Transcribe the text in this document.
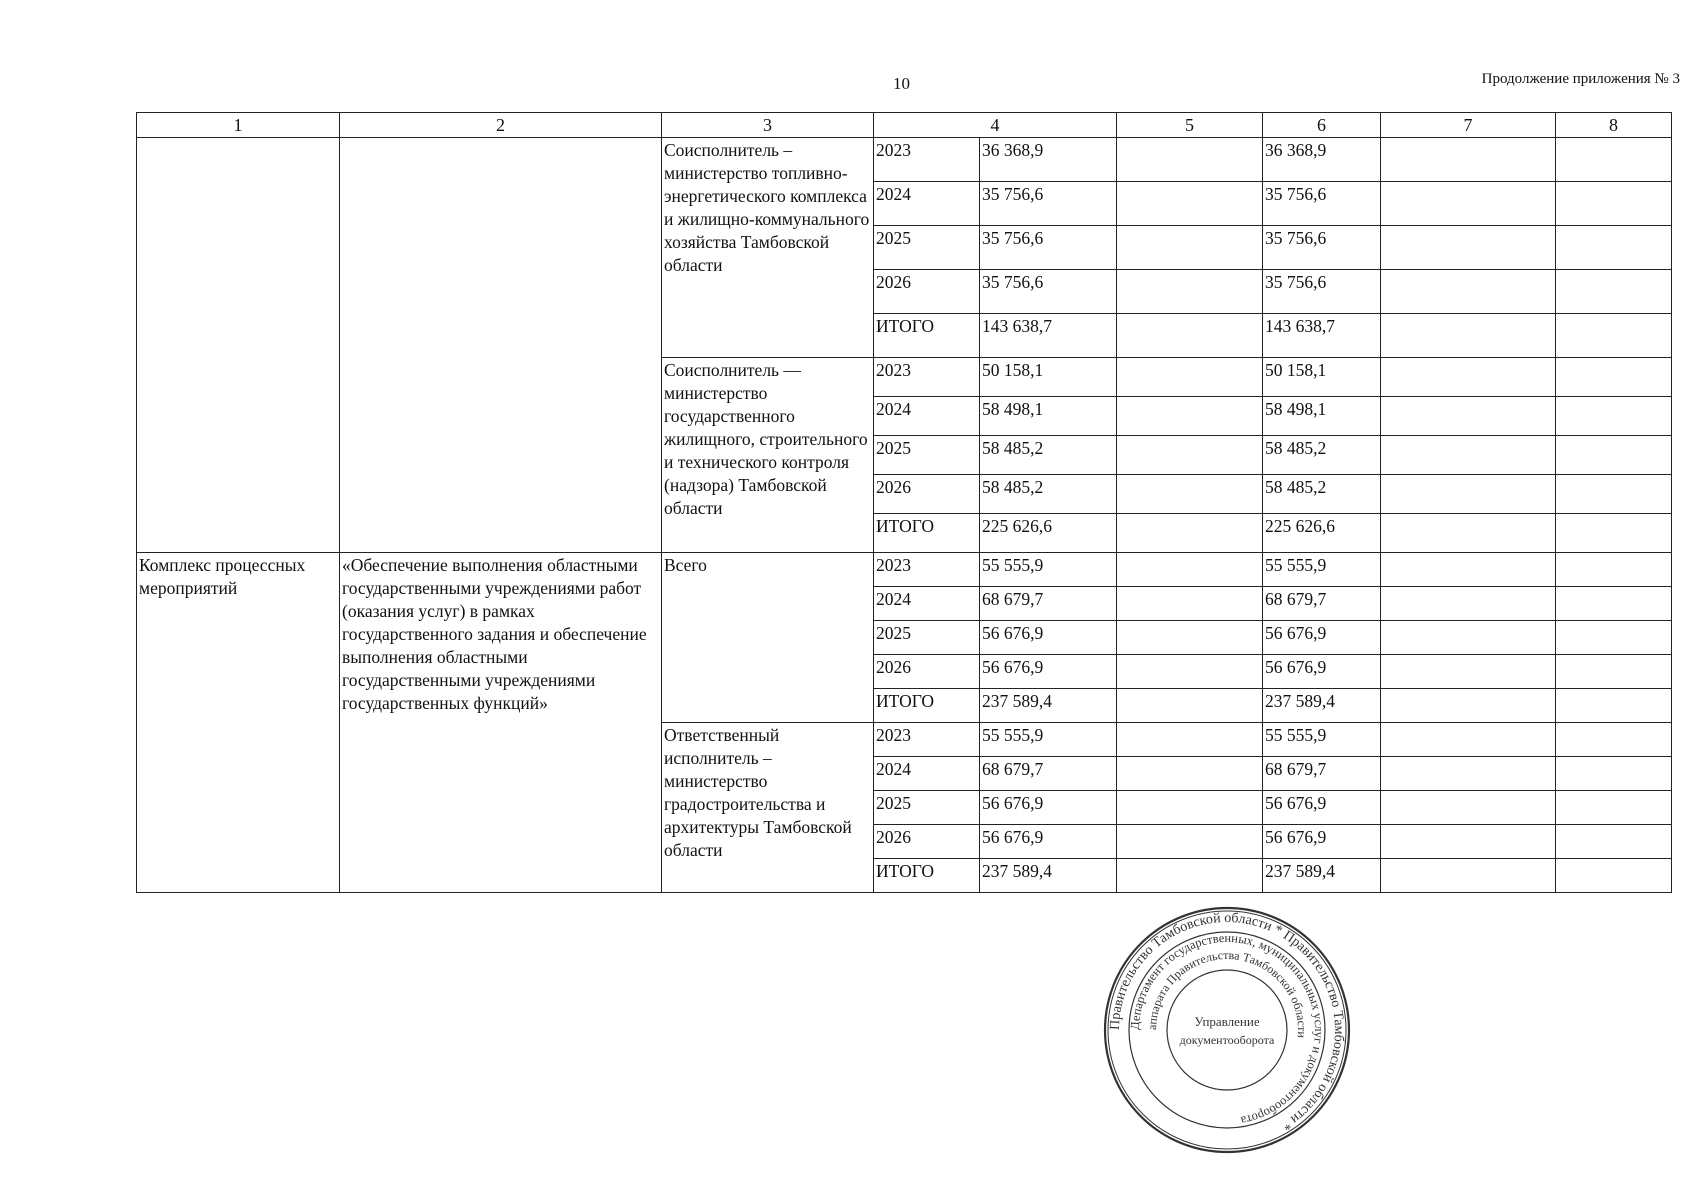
10	Продолжение приложения № 3
1	2	3	4		5	6	7	8
		Соисполнитель – министерство топливно-энергетического комплекса и жилищно-коммунального хозяйства Тамбовской области	2023	36 368,9		36 368,9		
			2024	35 756,6		35 756,6		
			2025	35 756,6		35 756,6		
			2026	35 756,6		35 756,6		
			ИТОГО	143 638,7		143 638,7		
		Соисполнитель — министерство государственного жилищного, строительного и технического контроля (надзора) Тамбовской области	2023	50 158,1		50 158,1		
			2024	58 498,1		58 498,1		
			2025	58 485,2		58 485,2		
			2026	58 485,2		58 485,2		
			ИТОГО	225 626,6		225 626,6		
Комплекс процессных мероприятий	«Обеспечение выполнения областными государственными учреждениями работ (оказания услуг) в рамках государственного задания и обеспечение выполнения областными государственными учреждениями государственных функций»	Всего	2023	55 555,9		55 555,9		
			2024	68 679,7		68 679,7		
			2025	56 676,9		56 676,9		
			2026	56 676,9		56 676,9		
			ИТОГО	237 589,4		237 589,4		
		Ответственный исполнитель – министерство градостроительства и архитектуры Тамбовской области	2023	55 555,9		55 555,9		
			2024	68 679,7		68 679,7		
			2025	56 676,9		56 676,9		
			2026	56 676,9		56 676,9		
			ИТОГО	237 589,4		237 589,4		
Правительство Тамбовской области * Правительство Тамбовской области *
Департамент государственных, муниципальных услуг и документооборота
аппарата Правительства Тамбовской области
Управление
документооборота
